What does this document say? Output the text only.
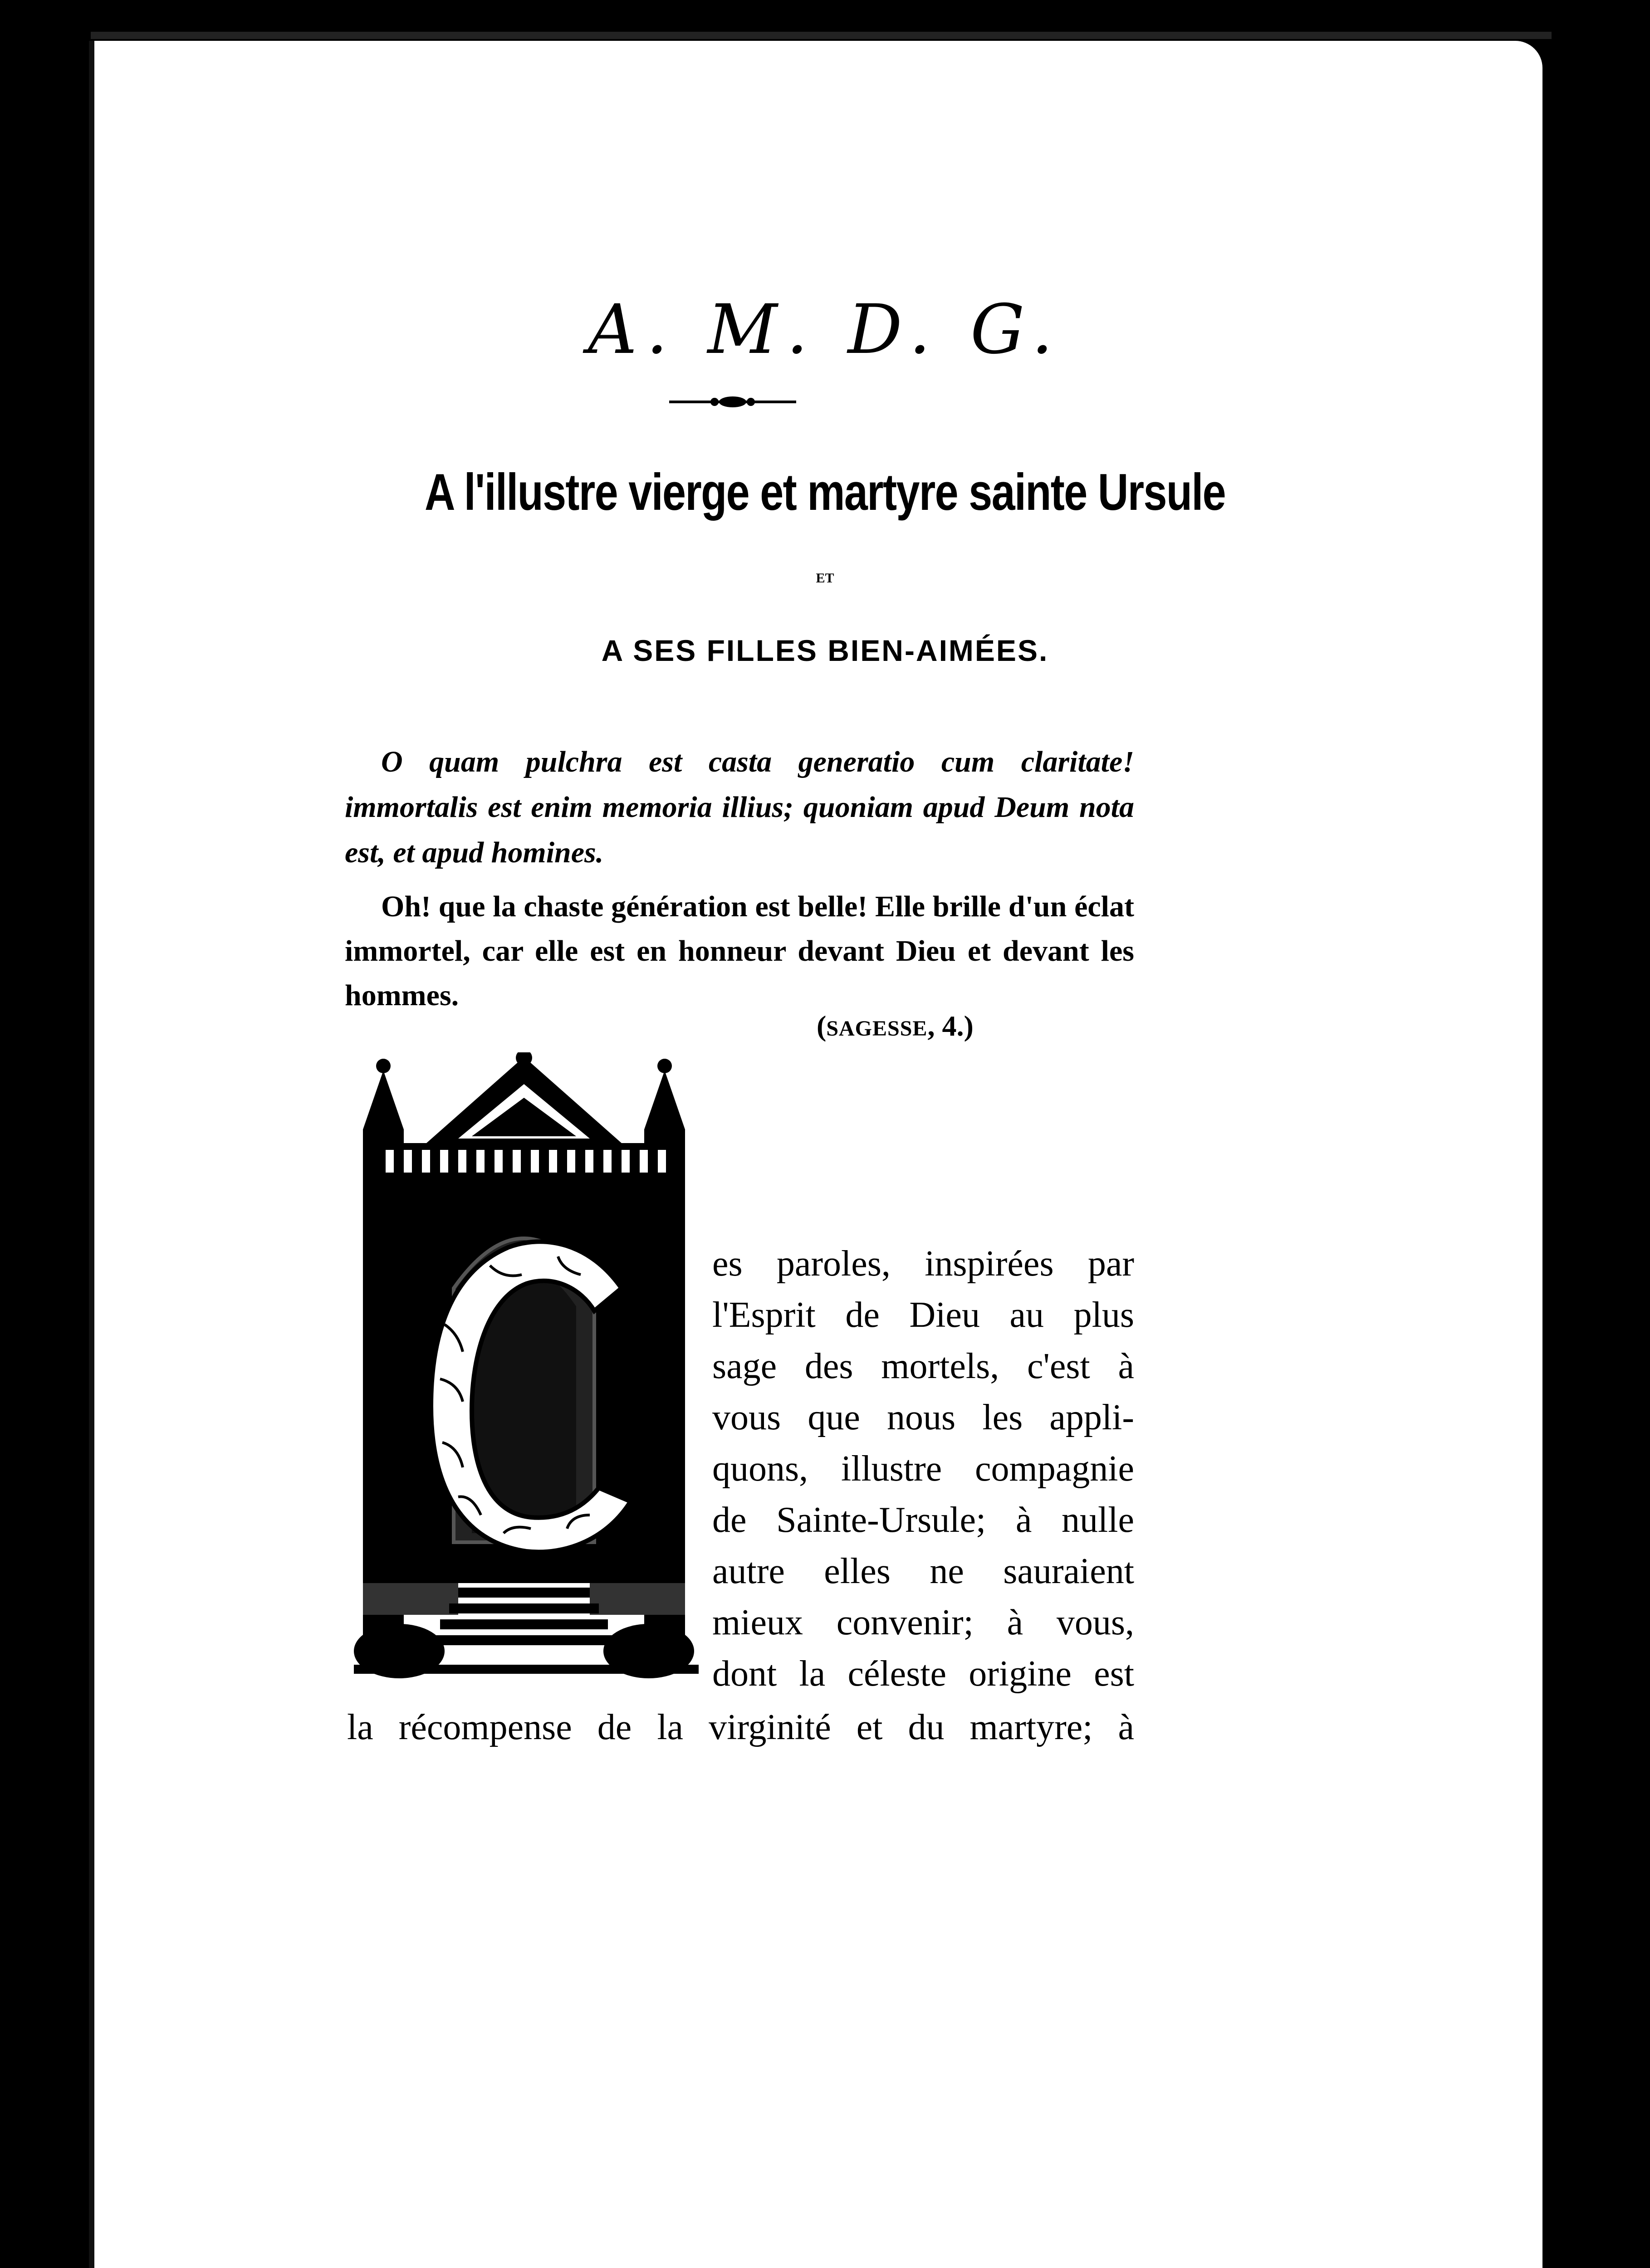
A. M. D. G.
A l'illustre vierge et martyre sainte Ursule
ET
A SES FILLES BIEN-AIMÉES.
O quam pulchra est casta generatio cum claritate! immortalis est enim memoria illius; quoniam apud Deum nota est, et apud homines.
Oh! que la chaste génération est belle! Elle brille d'un éclat immortel, car elle est en honneur devant Dieu et devant les hommes.
(SAGESSE, 4.)
es paroles, inspirées par
l'Esprit de Dieu au plus
sage des mortels, c'est à
vous que nous les appli-
quons, illustre compagnie
de Sainte-Ursule; à nulle
autre elles ne sauraient
mieux convenir; à vous,
dont la céleste origine est
la récompense de la virginité et du martyre; à
